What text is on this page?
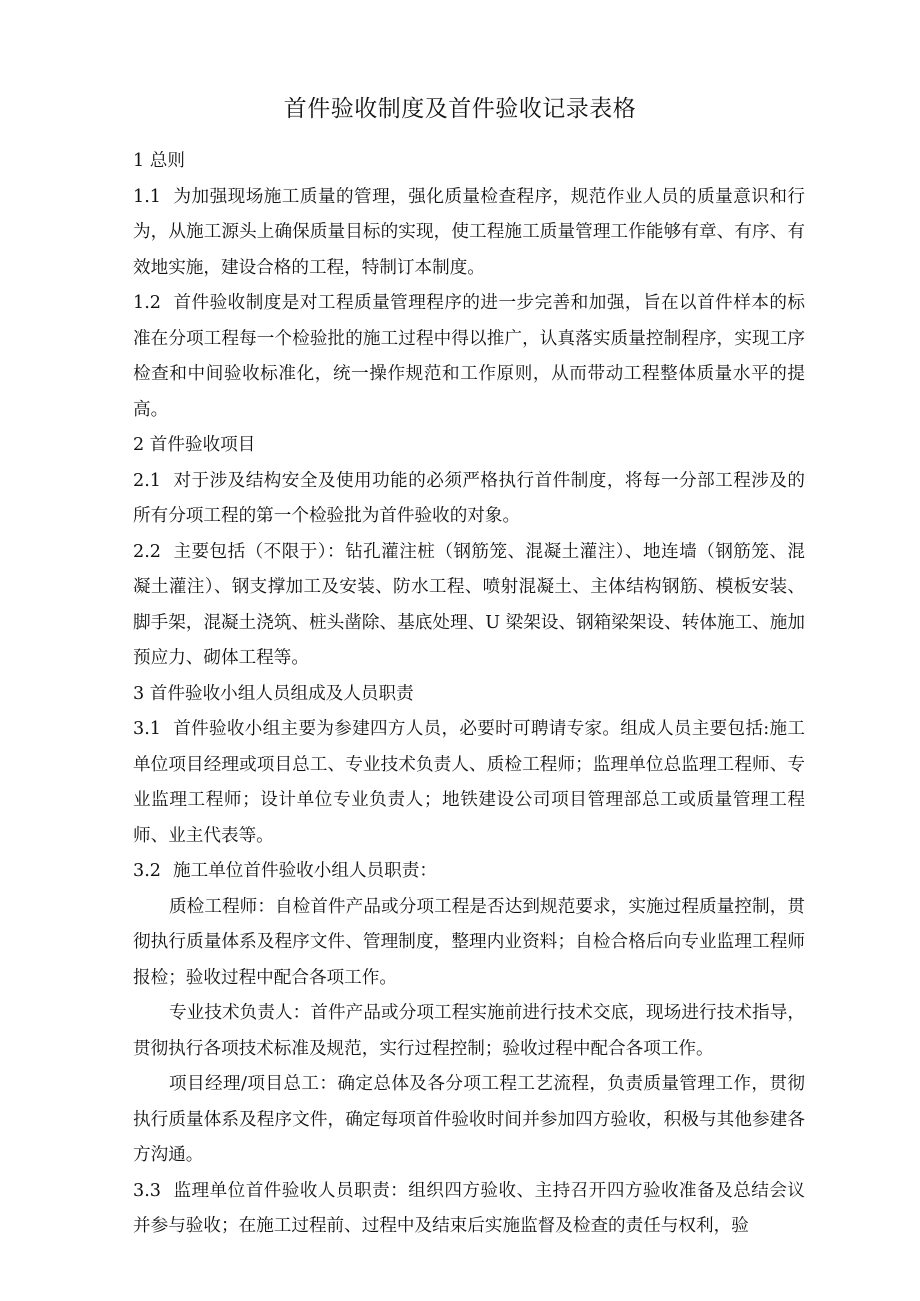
首件验收制度及首件验收记录表格

1 总则

1.1 为加强现场施工质量的管理，强化质量检查程序，规范作业人员的质量意识和行为，从施工源头上确保质量目标的实现，使工程施工质量管理工作能够有章、有序、有效地实施，建设合格的工程，特制订本制度。

1.2 首件验收制度是对工程质量管理程序的进一步完善和加强，旨在以首件样本的标准在分项工程每一个检验批的施工过程中得以推广，认真落实质量控制程序，实现工序检查和中间验收标准化，统一操作规范和工作原则，从而带动工程整体质量水平的提高。

2 首件验收项目

2.1 对于涉及结构安全及使用功能的必须严格执行首件制度，将每一分部工程涉及的所有分项工程的第一个检验批为首件验收的对象。

2.2 主要包括（不限于）：钻孔灌注桩（钢筋笼、混凝土灌注）、地连墙（钢筋笼、混凝土灌注）、钢支撑加工及安装、防水工程、喷射混凝土、主体结构钢筋、模板安装、脚手架，混凝土浇筑、桩头凿除、基底处理、U 梁架设、钢箱梁架设、转体施工、施加预应力、砌体工程等。

3 首件验收小组人员组成及人员职责

3.1 首件验收小组主要为参建四方人员，必要时可聘请专家。组成人员主要包括:施工单位项目经理或项目总工、专业技术负责人、质检工程师；监理单位总监理工程师、专业监理工程师；设计单位专业负责人；地铁建设公司项目管理部总工或质量管理工程师、业主代表等。

3.2 施工单位首件验收小组人员职责：

质检工程师：自检首件产品或分项工程是否达到规范要求，实施过程质量控制，贯彻执行质量体系及程序文件、管理制度，整理内业资料；自检合格后向专业监理工程师报检；验收过程中配合各项工作。

专业技术负责人：首件产品或分项工程实施前进行技术交底，现场进行技术指导，贯彻执行各项技术标准及规范，实行过程控制；验收过程中配合各项工作。

项目经理/项目总工：确定总体及各分项工程工艺流程，负责质量管理工作，贯彻执行质量体系及程序文件，确定每项首件验收时间并参加四方验收，积极与其他参建各方沟通。

3.3 监理单位首件验收人员职责：组织四方验收、主持召开四方验收准备及总结会议并参与验收；在施工过程前、过程中及结束后实施监督及检查的责任与权利，验
